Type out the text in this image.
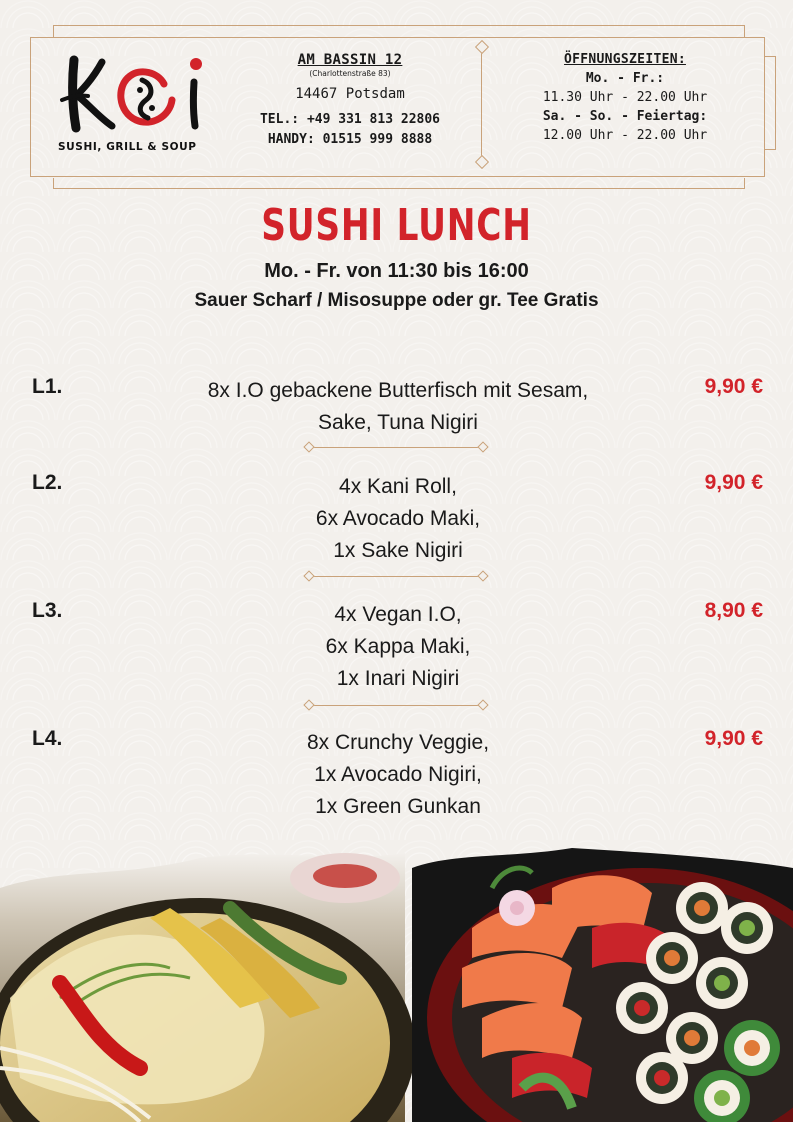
KOi
SUSHI, GRILL & SOUP
AM BASSIN 12
(Charlottenstraße 83)
14467 Potsdam
TEL.: +49 331 813 22806
HANDY: 01515 999 8888
ÖFFNUNGSZEITEN:
Mo. - Fr.:
11.30 Uhr - 22.00 Uhr
Sa. - So. - Feiertag:
12.00 Uhr - 22.00 Uhr
SUSHI LUNCH
Mo. - Fr. von 11:30 bis 16:00
Sauer Scharf / Misosuppe oder gr. Tee Gratis
L1.	8x I.O gebackene Butterfisch mit Sesam,
Sake, Tuna Nigiri
9,90 €
L2.	4x Kani Roll,
6x Avocado Maki,
1x Sake Nigiri
9,90 €
L3.	4x Vegan I.O,
6x Kappa Maki,
1x Inari Nigiri
8,90 €
L4.	8x Crunchy Veggie,
1x Avocado Nigiri,
1x Green Gunkan
9,90 €
